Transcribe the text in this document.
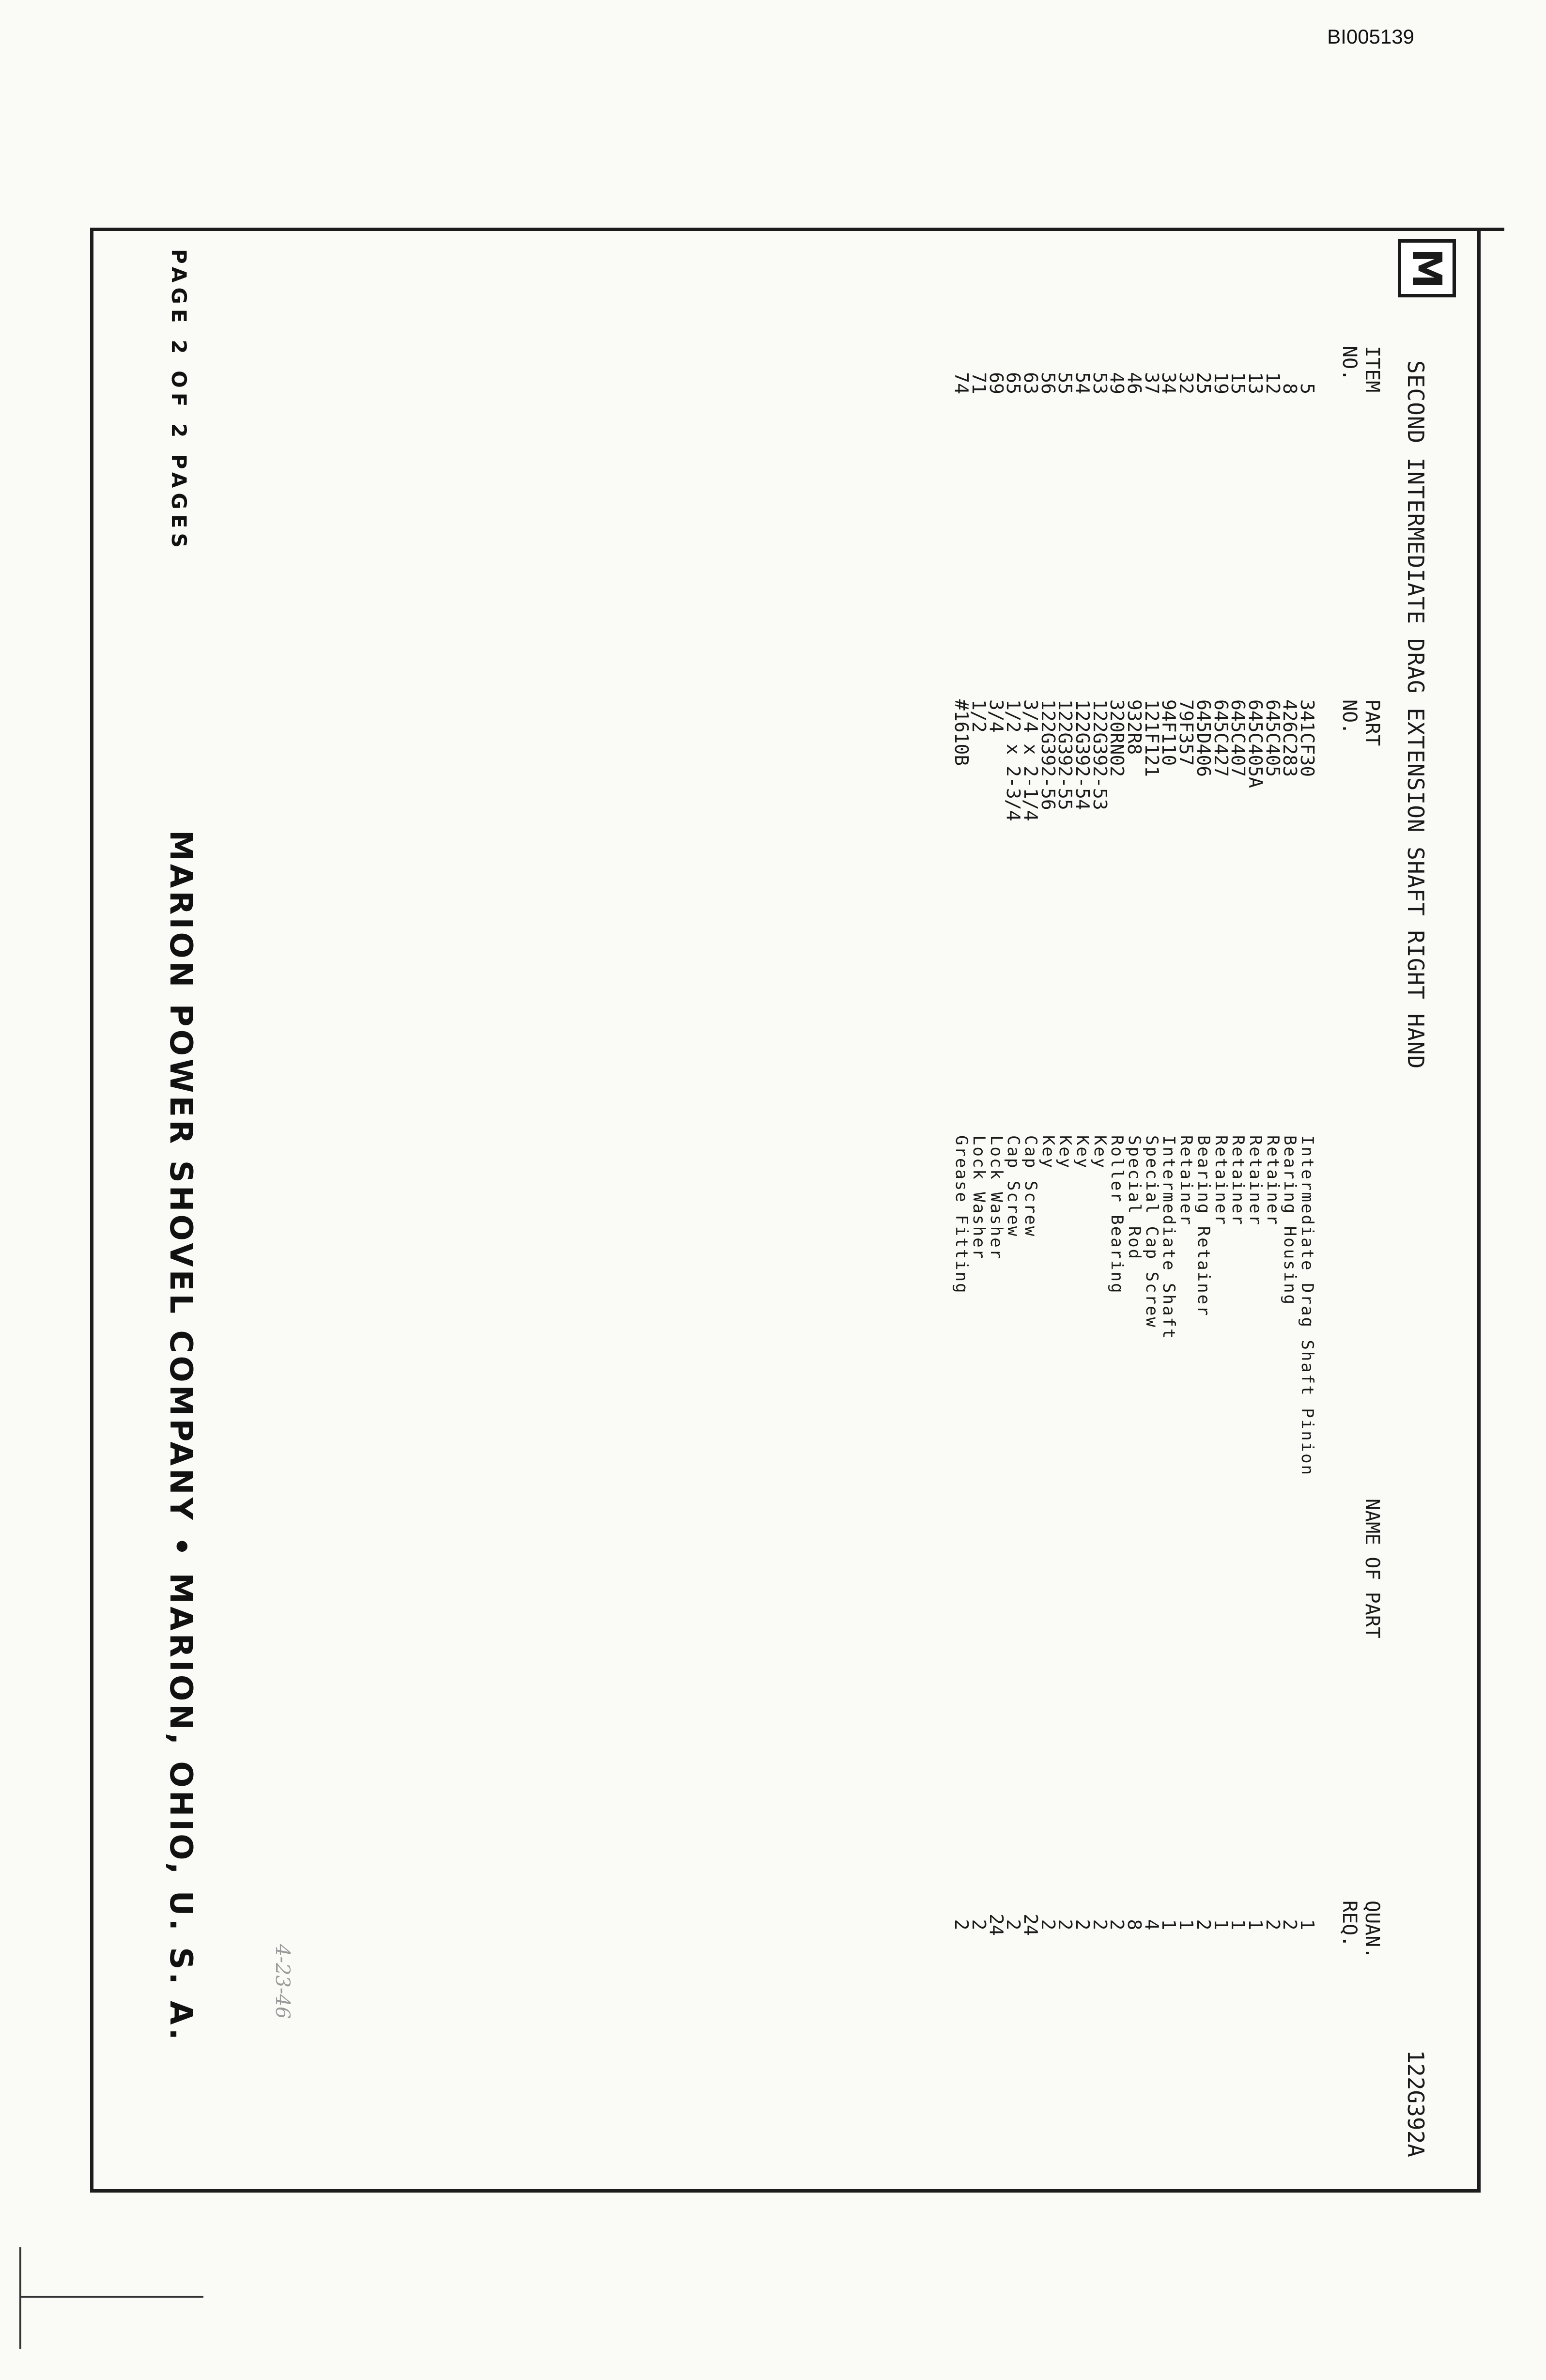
BI005139
M
SECOND INTERMEDIATE DRAG EXTENSION SHAFT RIGHT HAND
122G392A
ITEM
NO.
PART
NO.
NAME OF PART
QUAN.
REQ.
5
341CF30
Intermediate Drag Shaft Pinion
1
8
426C283
Bearing Housing
2
12
645C405
Retainer
2
13
645C405A
Retainer
1
15
645C407
Retainer
1
19
645C427
Retainer
1
25
645D406
Bearing Retainer
2
32
79F357
Retainer
1
34
94F110
Intermediate Shaft
1
37
121F121
Special Cap Screw
4
46
932R8
Special Rod
8
49
320RN02
Roller Bearing
2
53
122G392-53
Key
2
54
122G392-54
Key
2
55
122G392-55
Key
2
56
122G392-56
Key
2
63
3/4 x 2-1/4
Cap Screw
24
65
1/2 x 2-3/4
Cap Screw
2
69
3/4
Lock Washer
24
71
1/2
Lock Washer
2
74
#1610B
Grease Fitting
2
4-23-46
PAGE 2 OF 2 PAGES
MARION POWER SHOVEL COMPANY • MARION, OHIO, U. S. A.
